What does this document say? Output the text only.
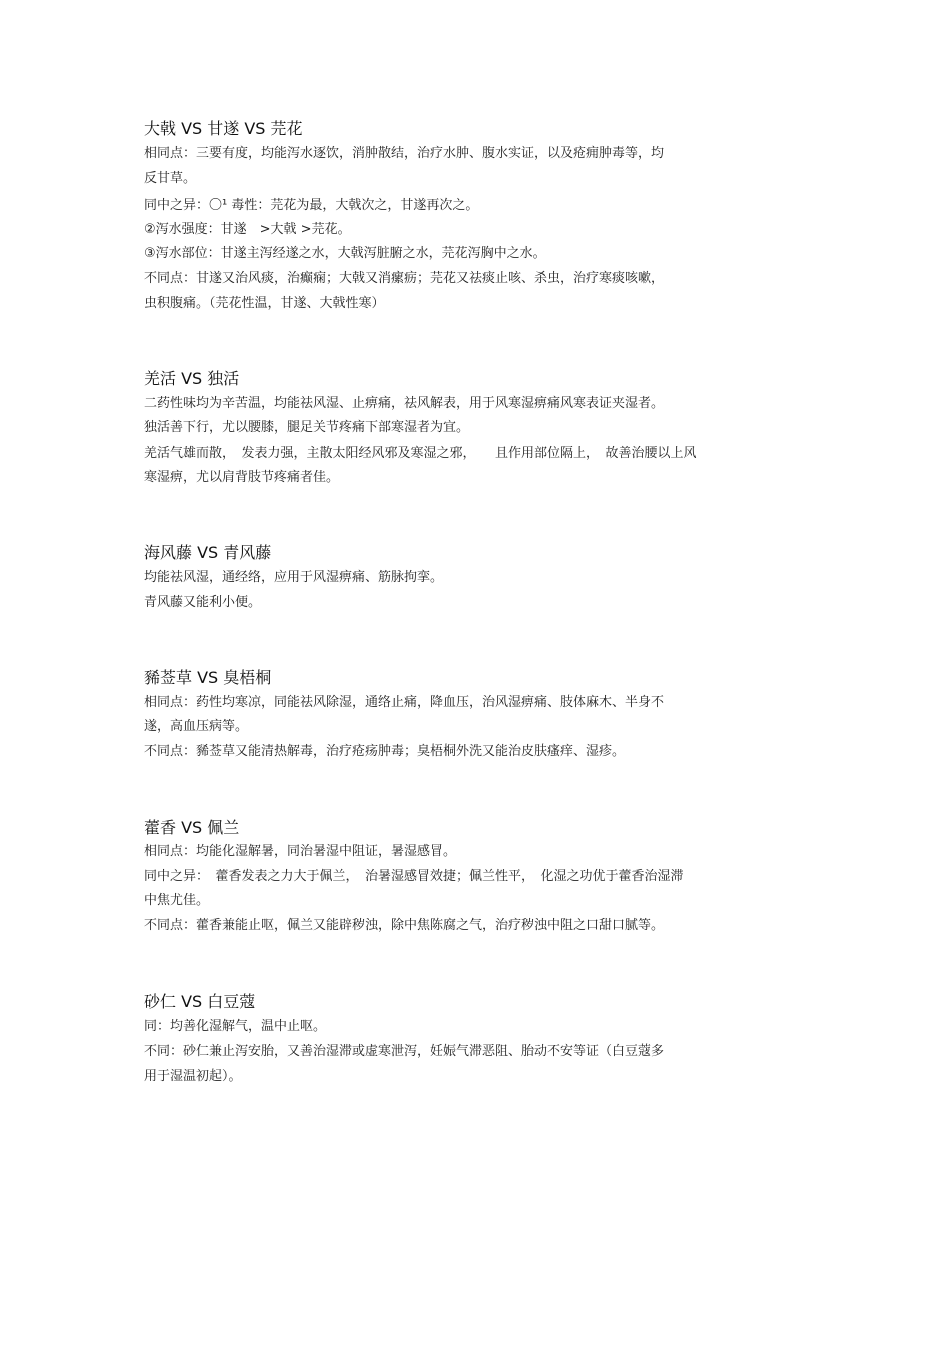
大戟 VS 甘遂 VS 芫花
相同点：三要有度，均能泻水逐饮，消肿散结，治疗水肿、腹水实证，以及疮痈肿毒等，均
反甘草。
同中之异：〇¹ 毒性：芫花为最，大戟次之，甘遂再次之。
②泻水强度：甘遂　>大戟 >芫花。
③泻水部位：甘遂主泻经遂之水，大戟泻脏腑之水，芫花泻胸中之水。
不同点：甘遂又治风痰，治癫痫；大戟又消瘰疬；芫花又祛痰止咳、杀虫，治疗寒痰咳嗽，
虫积腹痛。（芫花性温，甘遂、大戟性寒）
羌活 VS 独活
二药性味均为辛苦温，均能祛风湿、止痹痛，祛风解表，用于风寒湿痹痛风寒表证夹湿者。
独活善下行，尤以腰膝，腿足关节疼痛下部寒湿者为宜。
羌活气雄而散，　发表力强，主散太阳经风邪及寒湿之邪，　　且作用部位隔上，　故善治腰以上风
寒湿痹，尤以肩背肢节疼痛者佳。
海风藤 VS 青风藤
均能祛风湿，通经络，应用于风湿痹痛、筋脉拘挛。
青风藤又能利小便。
豨莶草 VS 臭梧桐
相同点：药性均寒凉，同能祛风除湿，通络止痛，降血压，治风湿痹痛、肢体麻木、半身不
遂，高血压病等。
不同点：豨莶草又能清热解毒，治疗疮疡肿毒；臭梧桐外洗又能治皮肤瘙痒、湿疹。
藿香 VS 佩兰
相同点：均能化湿解暑，同治暑湿中阻证，暑湿感冒。
同中之异：　藿香发表之力大于佩兰，　治暑湿感冒效捷；佩兰性平，　化湿之功优于藿香治湿滞
中焦尤佳。
不同点：藿香兼能止呕，佩兰又能辟秽浊，除中焦陈腐之气，治疗秽浊中阻之口甜口腻等。
砂仁 VS 白豆蔻
同：均善化湿解气，温中止呕。
不同：砂仁兼止泻安胎，又善治湿滞或虚寒泄泻，妊娠气滞恶阻、胎动不安等证（白豆蔻多
用于湿温初起）。
